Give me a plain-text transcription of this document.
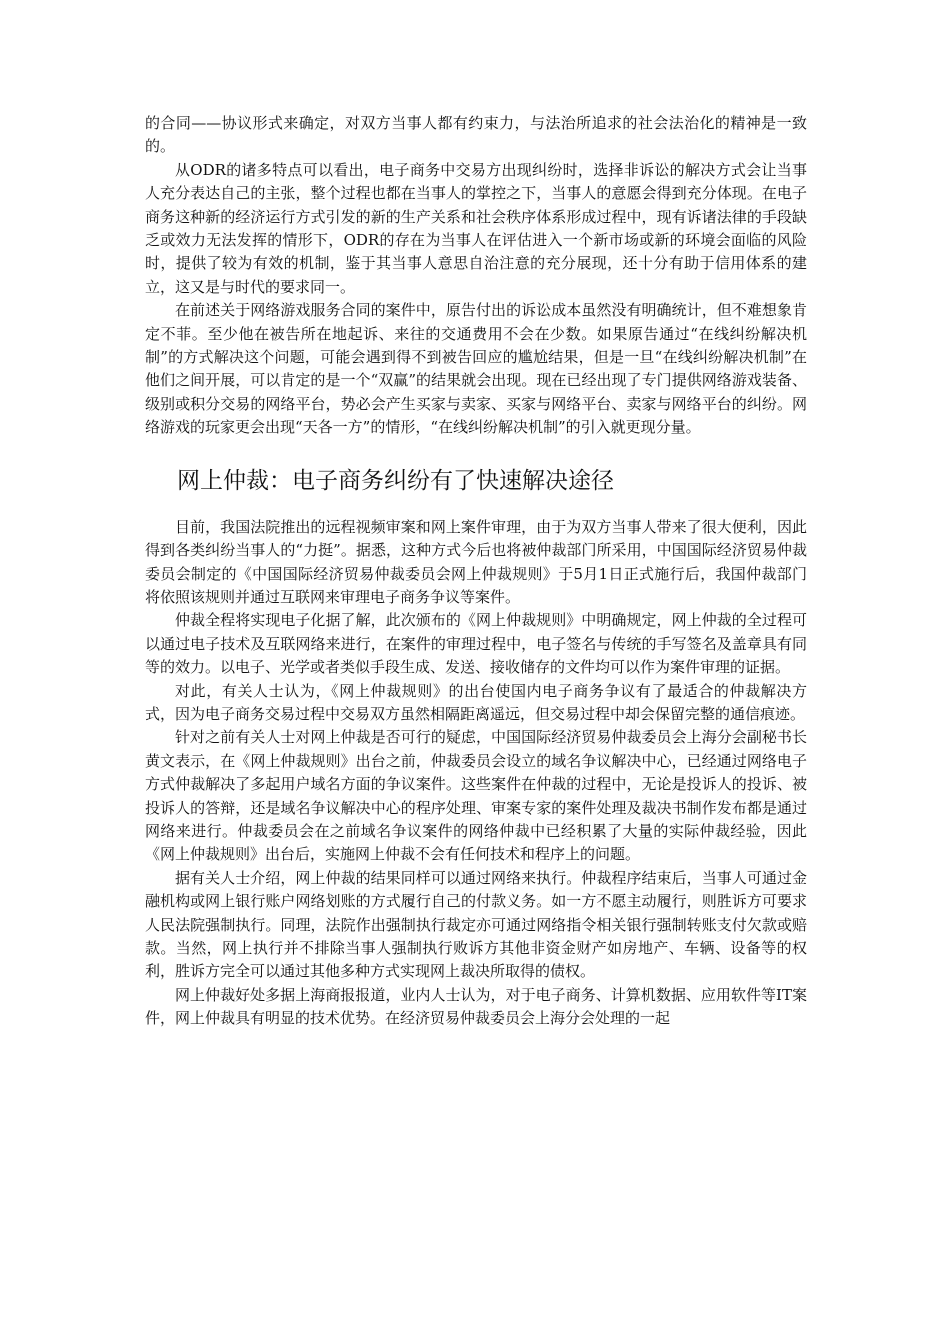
的合同——协议形式来确定，对双方当事人都有约束力，与法治所追求的社会法治化的精神是一致的。

从ODR的诸多特点可以看出，电子商务中交易方出现纠纷时，选择非诉讼的解决方式会让当事人充分表达自己的主张，整个过程也都在当事人的掌控之下，当事人的意愿会得到充分体现。在电子商务这种新的经济运行方式引发的新的生产关系和社会秩序体系形成过程中，现有诉诸法律的手段缺乏或效力无法发挥的情形下，ODR的存在为当事人在评估进入一个新市场或新的环境会面临的风险时，提供了较为有效的机制，鉴于其当事人意思自治注意的充分展现，还十分有助于信用体系的建立，这又是与时代的要求同一。

在前述关于网络游戏服务合同的案件中，原告付出的诉讼成本虽然没有明确统计，但不难想象肯定不菲。至少他在被告所在地起诉、来往的交通费用不会在少数。如果原告通过“在线纠纷解决机制”的方式解决这个问题，可能会遇到得不到被告回应的尴尬结果，但是一旦“在线纠纷解决机制”在他们之间开展，可以肯定的是一个“双赢”的结果就会出现。现在已经出现了专门提供网络游戏装备、级别或积分交易的网络平台，势必会产生买家与卖家、买家与网络平台、卖家与网络平台的纠纷。网络游戏的玩家更会出现“天各一方”的情形，“在线纠纷解决机制”的引入就更现分量。

网上仲裁：电子商务纠纷有了快速解决途径

目前，我国法院推出的远程视频审案和网上案件审理，由于为双方当事人带来了很大便利，因此得到各类纠纷当事人的“力挺”。据悉，这种方式今后也将被仲裁部门所采用，中国国际经济贸易仲裁委员会制定的《中国国际经济贸易仲裁委员会网上仲裁规则》于5月1日正式施行后，我国仲裁部门将依照该规则并通过互联网来审理电子商务争议等案件。

仲裁全程将实现电子化据了解，此次颁布的《网上仲裁规则》中明确规定，网上仲裁的全过程可以通过电子技术及互联网络来进行，在案件的审理过程中，电子签名与传统的手写签名及盖章具有同等的效力。以电子、光学或者类似手段生成、发送、接收储存的文件均可以作为案件审理的证据。

对此，有关人士认为，《网上仲裁规则》的出台使国内电子商务争议有了最适合的仲裁解决方式，因为电子商务交易过程中交易双方虽然相隔距离遥远，但交易过程中却会保留完整的通信痕迹。

针对之前有关人士对网上仲裁是否可行的疑虑，中国国际经济贸易仲裁委员会上海分会副秘书长黄文表示，在《网上仲裁规则》出台之前，仲裁委员会设立的域名争议解决中心，已经通过网络电子方式仲裁解决了多起用户域名方面的争议案件。这些案件在仲裁的过程中，无论是投诉人的投诉、被投诉人的答辩，还是域名争议解决中心的程序处理、审案专家的案件处理及裁决书制作发布都是通过网络来进行。仲裁委员会在之前域名争议案件的网络仲裁中已经积累了大量的实际仲裁经验，因此《网上仲裁规则》出台后，实施网上仲裁不会有任何技术和程序上的问题。

据有关人士介绍，网上仲裁的结果同样可以通过网络来执行。仲裁程序结束后，当事人可通过金融机构或网上银行账户网络划账的方式履行自己的付款义务。如一方不愿主动履行，则胜诉方可要求人民法院强制执行。同理，法院作出强制执行裁定亦可通过网络指令相关银行强制转账支付欠款或赔款。当然，网上执行并不排除当事人强制执行败诉方其他非资金财产如房地产、车辆、设备等的权利，胜诉方完全可以通过其他多种方式实现网上裁决所取得的债权。

网上仲裁好处多据上海商报报道，业内人士认为，对于电子商务、计算机数据、应用软件等IT案件，网上仲裁具有明显的技术优势。在经济贸易仲裁委员会上海分会处理的一起
